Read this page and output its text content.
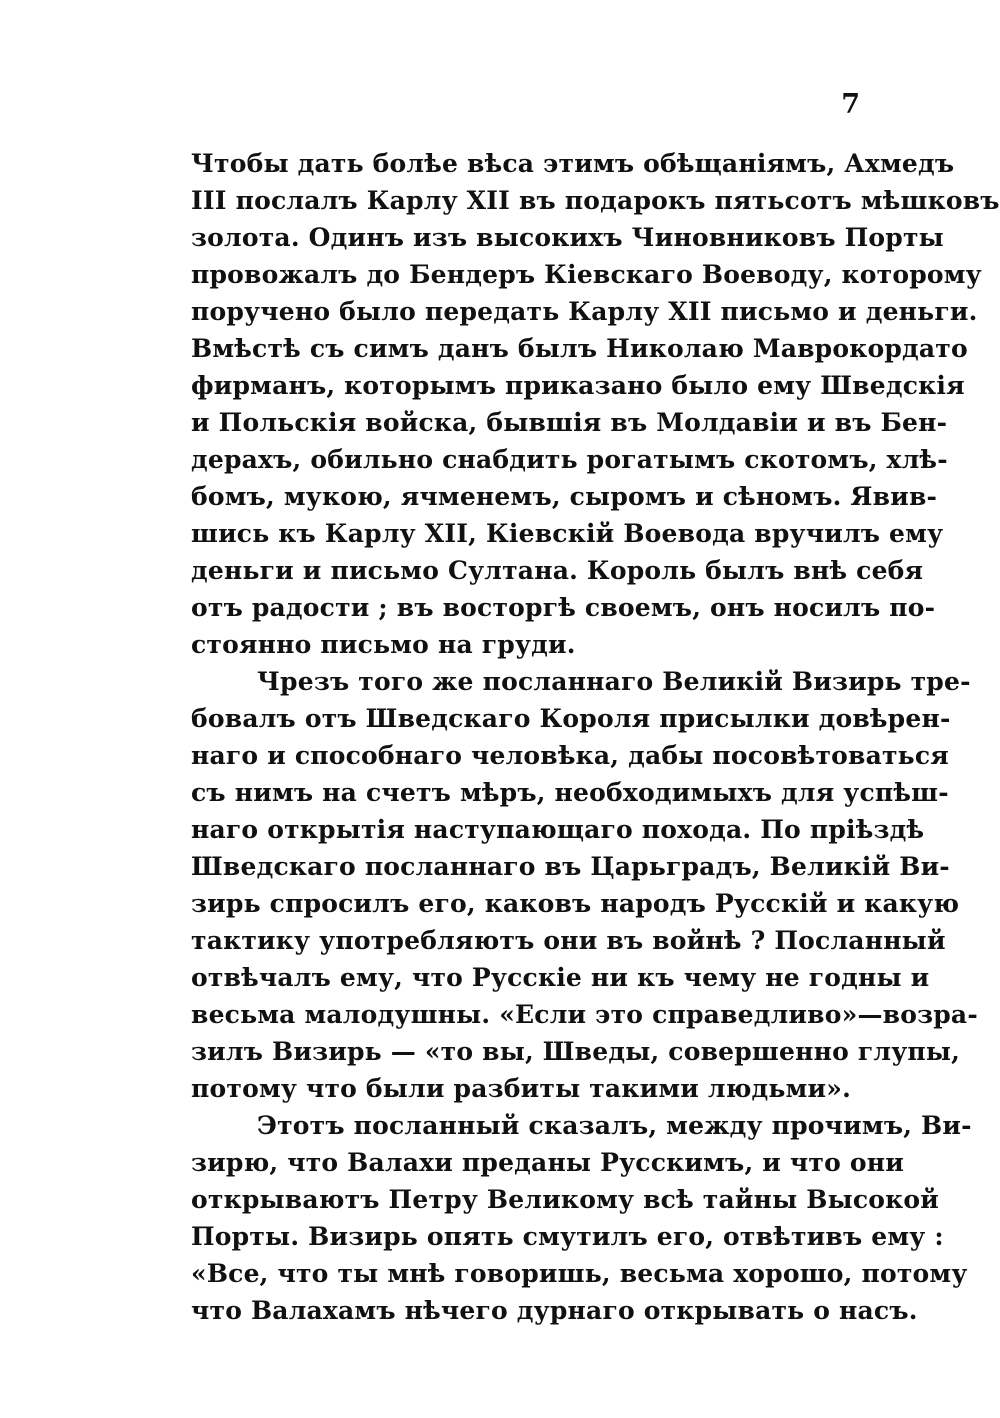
7
Чтобы дать болѣе вѣса этимъ обѣщаніямъ, Ахмедъ
III послалъ Карлу XII въ подарокъ пятьсотъ мѣшковъ
золота. Одинъ изъ высокихъ Чиновниковъ Порты
провожалъ до Бендеръ Кіевскаго Воеводу, которому
поручено было передать Карлу XII письмо и деньги.
Вмѣстѣ съ симъ данъ былъ Николаю Маврокордато
фирманъ, которымъ приказано было ему Шведскія
и Польскія войска, бывшія въ Молдавіи и въ Бен-
дерахъ, обильно снабдить рогатымъ скотомъ, хлѣ-
бомъ, мукою, ячменемъ, сыромъ и сѣномъ. Явив-
шись къ Карлу XII, Кіевскій Воевода вручилъ ему
деньги и письмо Султана. Король былъ внѣ себя
отъ радости ; въ восторгѣ своемъ, онъ носилъ по-
стоянно письмо на груди.
Чрезъ того же посланнаго Великій Визирь тре-
бовалъ отъ Шведскаго Короля присылки довѣрен-
наго и способнаго человѣка, дабы посовѣтоваться
съ нимъ на счетъ мѣръ, необходимыхъ для успѣш-
наго открытія наступающаго похода. По пріѣздѣ
Шведскаго посланнаго въ Царьградъ, Великій Ви-
зирь спросилъ его, каковъ народъ Русскій и какую
тактику употребляютъ они въ войнѣ ? Посланный
отвѣчалъ ему, что Русскіе ни къ чему не годны и
весьма малодушны. «Если это справедливо»—возра-
зилъ Визирь — «то вы, Шведы, совершенно глупы,
потому что были разбиты такими людьми».
Этотъ посланный сказалъ, между прочимъ, Ви-
зирю, что Валахи преданы Русскимъ, и что они
открываютъ Петру Великому всѣ тайны Высокой
Порты. Визирь опять смутилъ его, отвѣтивъ ему :
«Все, что ты мнѣ говоришь, весьма хорошо, потому
что Валахамъ нѣчего дурнаго открывать о насъ.
